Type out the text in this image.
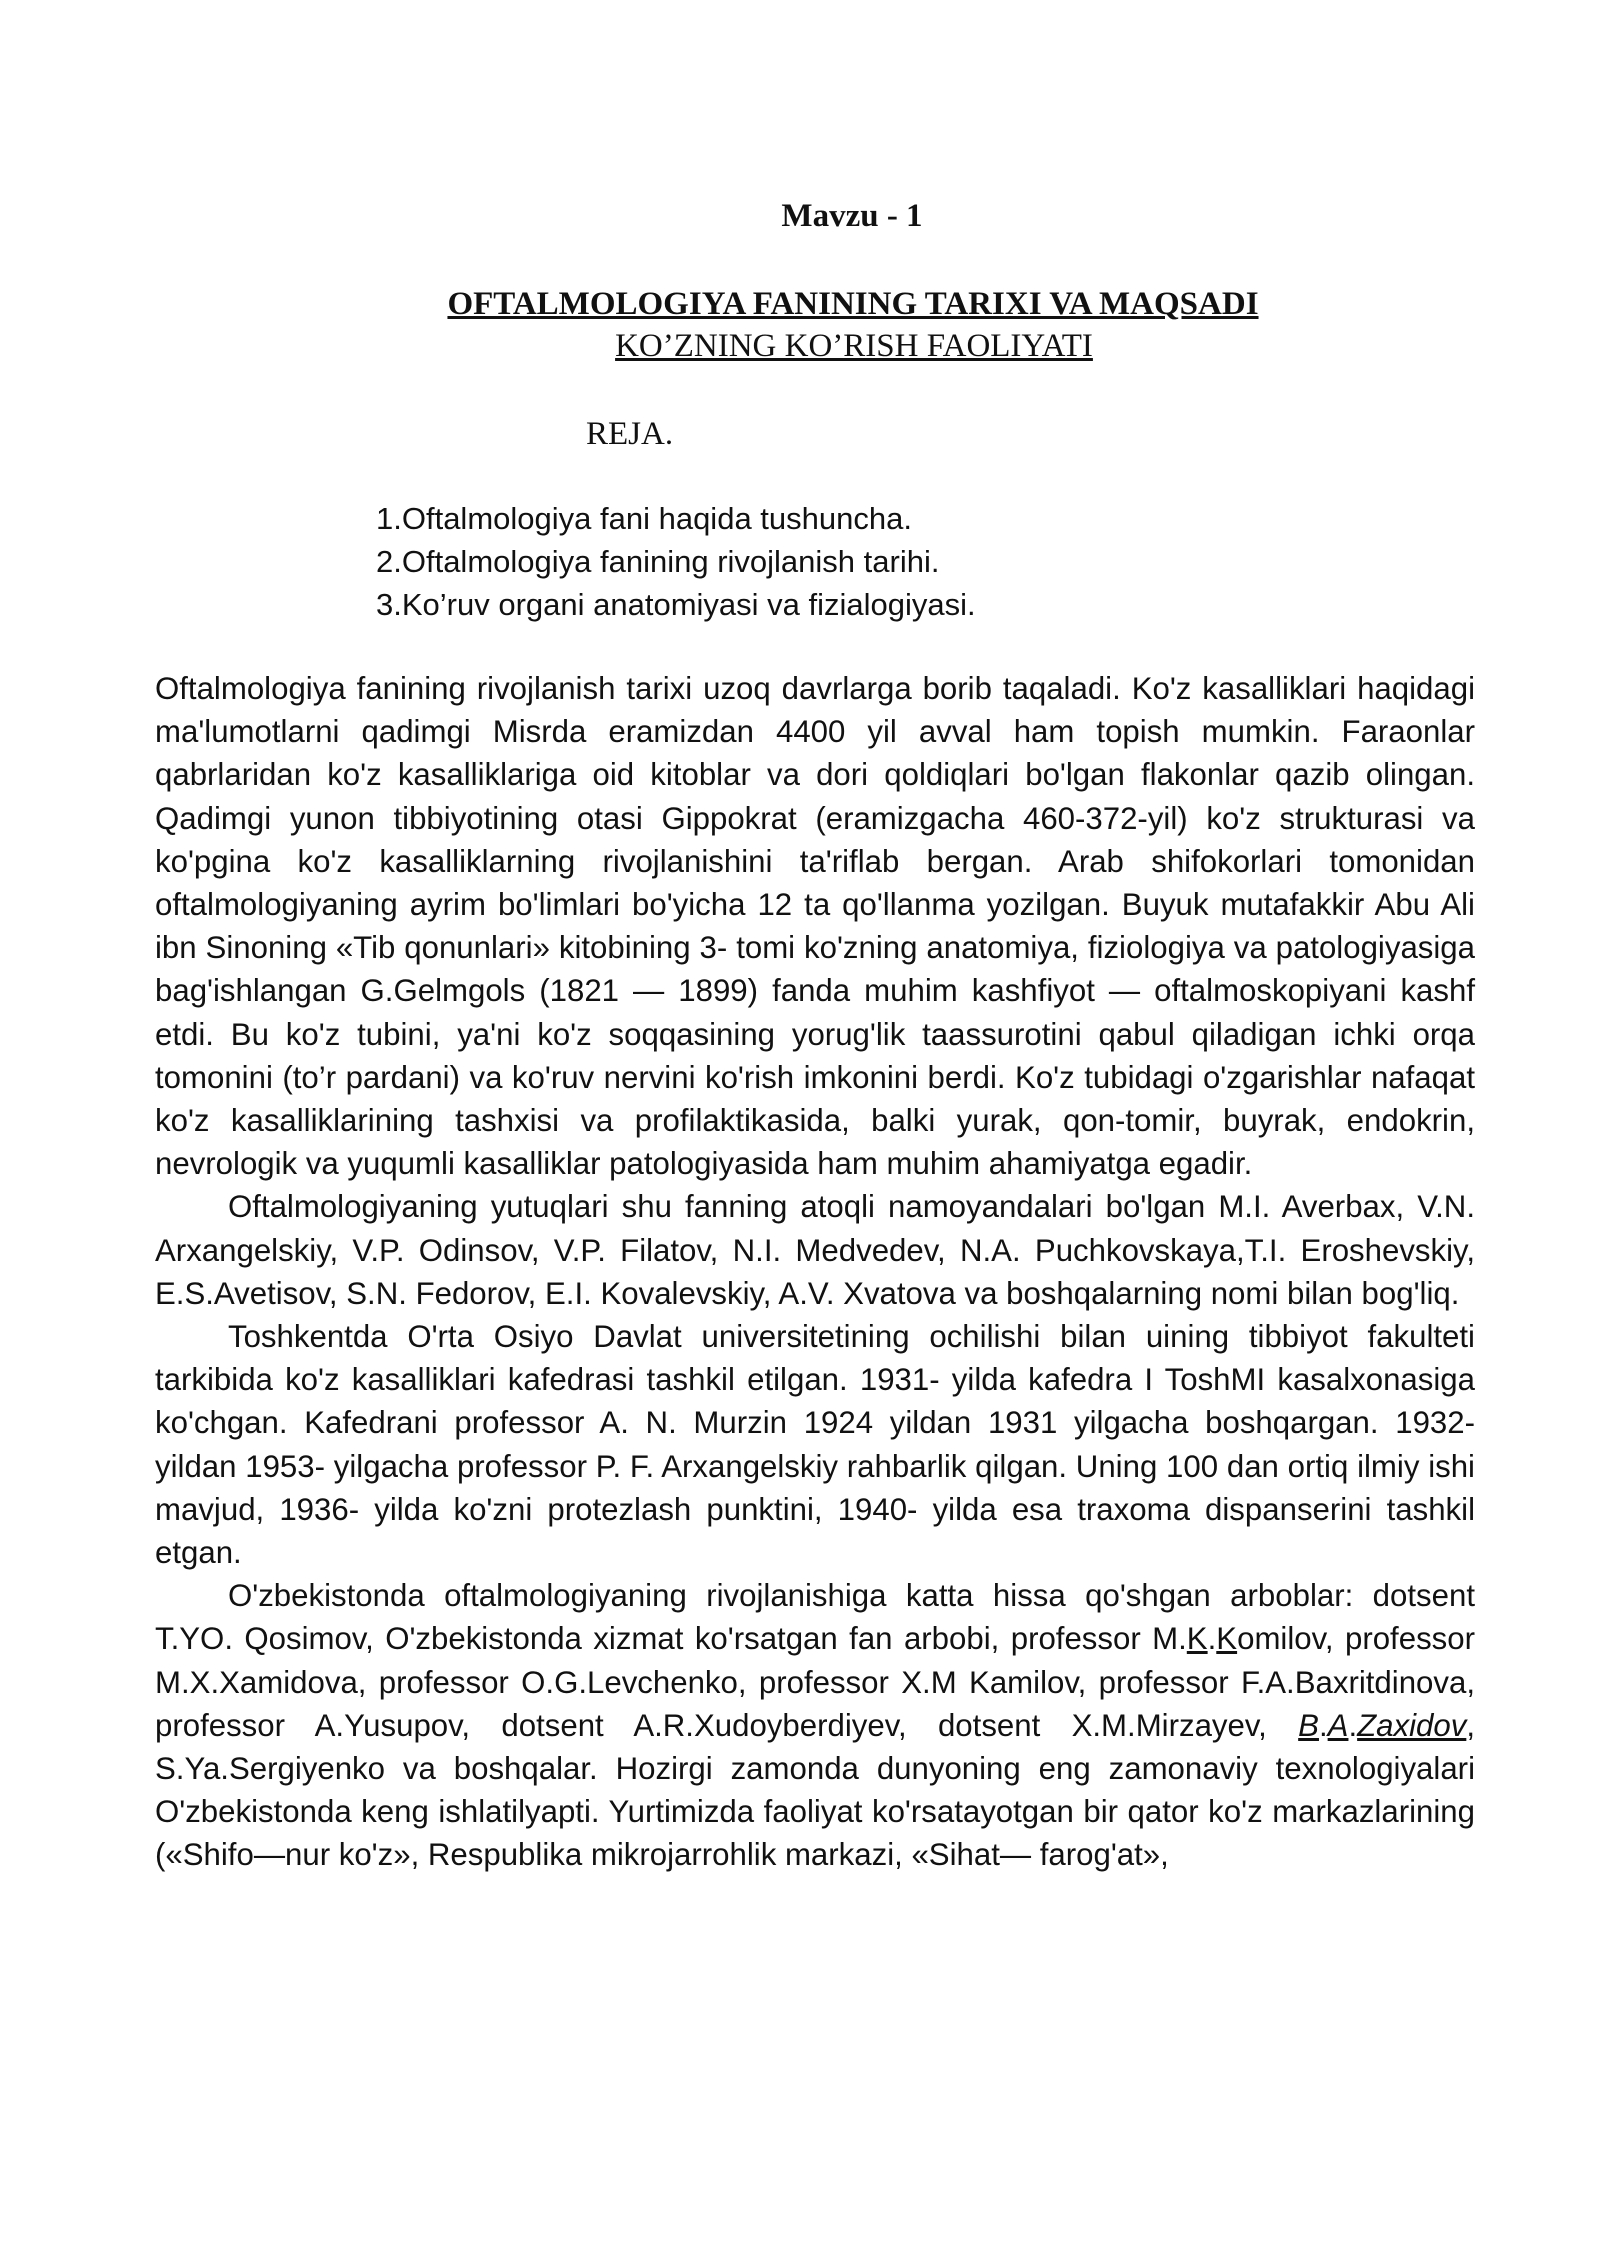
Mavzu - 1
OFTALMOLOGIYA FANINING TARIXI VA MAQSADI
KO’ZNING KO’RISH FAOLIYATI
REJA.
1.Oftalmologiya fani haqida tushuncha.
2.Oftalmologiya fanining rivojlanish tarihi.
3.Ko’ruv organi anatomiyasi va fizialogiyasi.

Oftalmologiya fanining rivojlanish tarixi uzoq davrlarga borib taqaladi. Ko'z kasalliklari haqidagi ma'lumotlarni qadimgi Misrda eramizdan 4400 yil avval ham topish mumkin. Faraonlar qabrlaridan ko'z kasalliklariga oid kitoblar va dori qoldiqlari bo'lgan flakonlar qazib olingan. Qadimgi yunon tibbiyotining otasi Gippokrat (eramizgacha 460-372-yil) ko'z strukturasi va ko'pgina ko'z kasalliklarning rivojlanishini ta'riflab bergan. Arab shifokorlari tomonidan oftalmologiyaning ayrim bo'limlari bo'yicha 12 ta qo'llanma yozilgan. Buyuk mutafakkir Abu Ali ibn Sinoning «Tib qonunlari» kitobining 3- tomi ko'zning anatomiya, fiziologiya va patologiyasiga bag'ishlangan G.Gelmgols (1821 — 1899) fanda muhim kashfiyot — oftalmoskopiyani kashf etdi. Bu ko'z tubini, ya'ni ko'z soqqasining yorug'lik taassurotini qabul qiladigan ichki orqa tomonini (to’r pardani) va ko'ruv nervini ko'rish imkonini berdi. Ko'z tubidagi o'zgarishlar nafaqat ko'z kasalliklarining tashxisi va profilaktikasida, balki yurak, qon-tomir, buyrak, endokrin, nevrologik va yuqumli kasalliklar patologiyasida ham muhim ahamiyatga egadir.

Oftalmologiyaning yutuqlari shu fanning atoqli namoyandalari bo'lgan M.I. Averbax, V.N. Arxangelskiy, V.P. Odinsov, V.P. Filatov, N.I. Medvedev, N.A. Puchkovskaya,T.I. Eroshevskiy, E.S.Avetisov, S.N. Fedorov, E.I. Kovalevskiy, A.V. Xvatova va boshqalarning nomi bilan bog'liq.

Toshkentda O'rta Osiyo Davlat universitetining ochilishi bilan uining tibbiyot fakulteti tarkibida ko'z kasalliklari kafedrasi tashkil etilgan. 1931- yilda kafedra I ToshMI kasalxonasiga ko'chgan. Kafedrani professor A. N. Murzin 1924 yildan 1931 yilgacha boshqargan. 1932- yildan 1953- yilgacha professor P. F. Arxangelskiy rahbarlik qilgan. Uning 100 dan ortiq ilmiy ishi mavjud, 1936- yilda ko'zni protezlash punktini, 1940- yilda esa traxoma dispanserini tashkil etgan.

O'zbekistonda oftalmologiyaning rivojlanishiga katta hissa qo'shgan arboblar: dotsent T.YO. Qosimov, O'zbekistonda xizmat ko'rsatgan fan arbobi, professor M.K.Komilov, professor M.X.Xamidova, professor O.G.Levchenko, professor X.M Kamilov, professor F.A.Baxritdinova, professor A.Yusupov, dotsent A.R.Xudoyberdiyev, dotsent X.M.Mirzayev, B.A.Zaxidov, S.Ya.Sergiyenko va boshqalar. Hozirgi zamonda dunyoning eng zamonaviy texnologiyalari O'zbekistonda keng ishlatilyapti. Yurtimizda faoliyat ko'rsatayotgan bir qator ko'z markazlarining («Shifo—nur ko'z», Respublika mikrojarrohlik markazi, «Sihat— farog'at»,
